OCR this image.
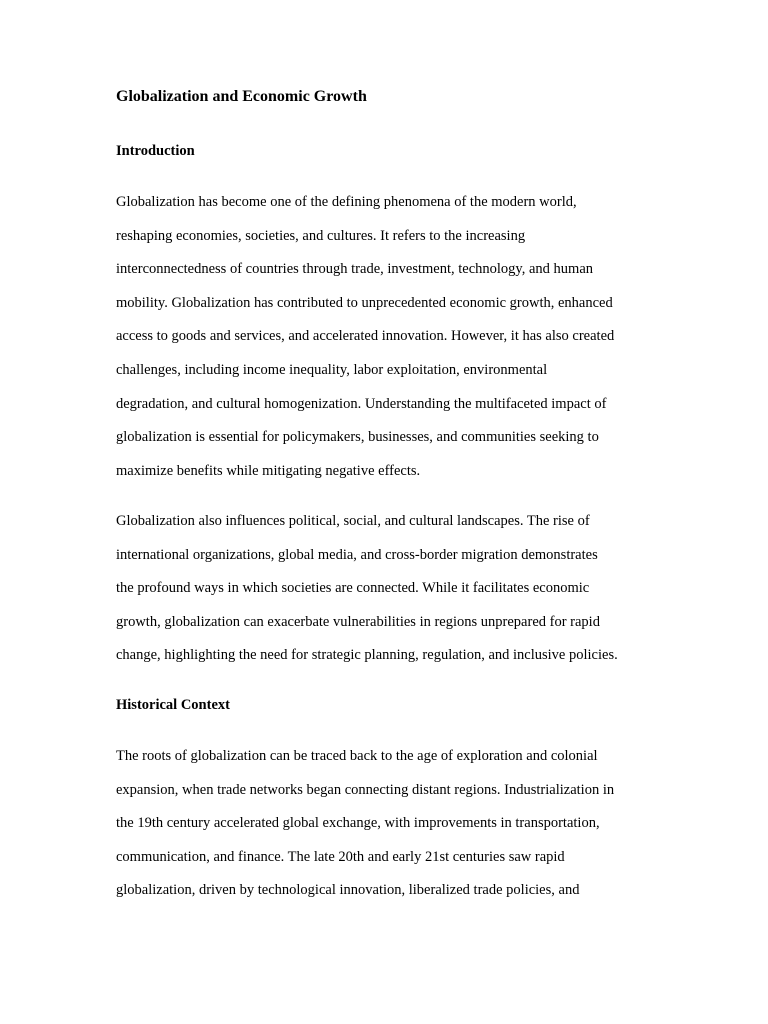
Globalization and Economic Growth
Introduction
Globalization has become one of the defining phenomena of the modern world,
reshaping economies, societies, and cultures. It refers to the increasing
interconnectedness of countries through trade, investment, technology, and human
mobility. Globalization has contributed to unprecedented economic growth, enhanced
access to goods and services, and accelerated innovation. However, it has also created
challenges, including income inequality, labor exploitation, environmental
degradation, and cultural homogenization. Understanding the multifaceted impact of
globalization is essential for policymakers, businesses, and communities seeking to
maximize benefits while mitigating negative effects.
Globalization also influences political, social, and cultural landscapes. The rise of
international organizations, global media, and cross-border migration demonstrates
the profound ways in which societies are connected. While it facilitates economic
growth, globalization can exacerbate vulnerabilities in regions unprepared for rapid
change, highlighting the need for strategic planning, regulation, and inclusive policies.
Historical Context
The roots of globalization can be traced back to the age of exploration and colonial
expansion, when trade networks began connecting distant regions. Industrialization in
the 19th century accelerated global exchange, with improvements in transportation,
communication, and finance. The late 20th and early 21st centuries saw rapid
globalization, driven by technological innovation, liberalized trade policies, and
